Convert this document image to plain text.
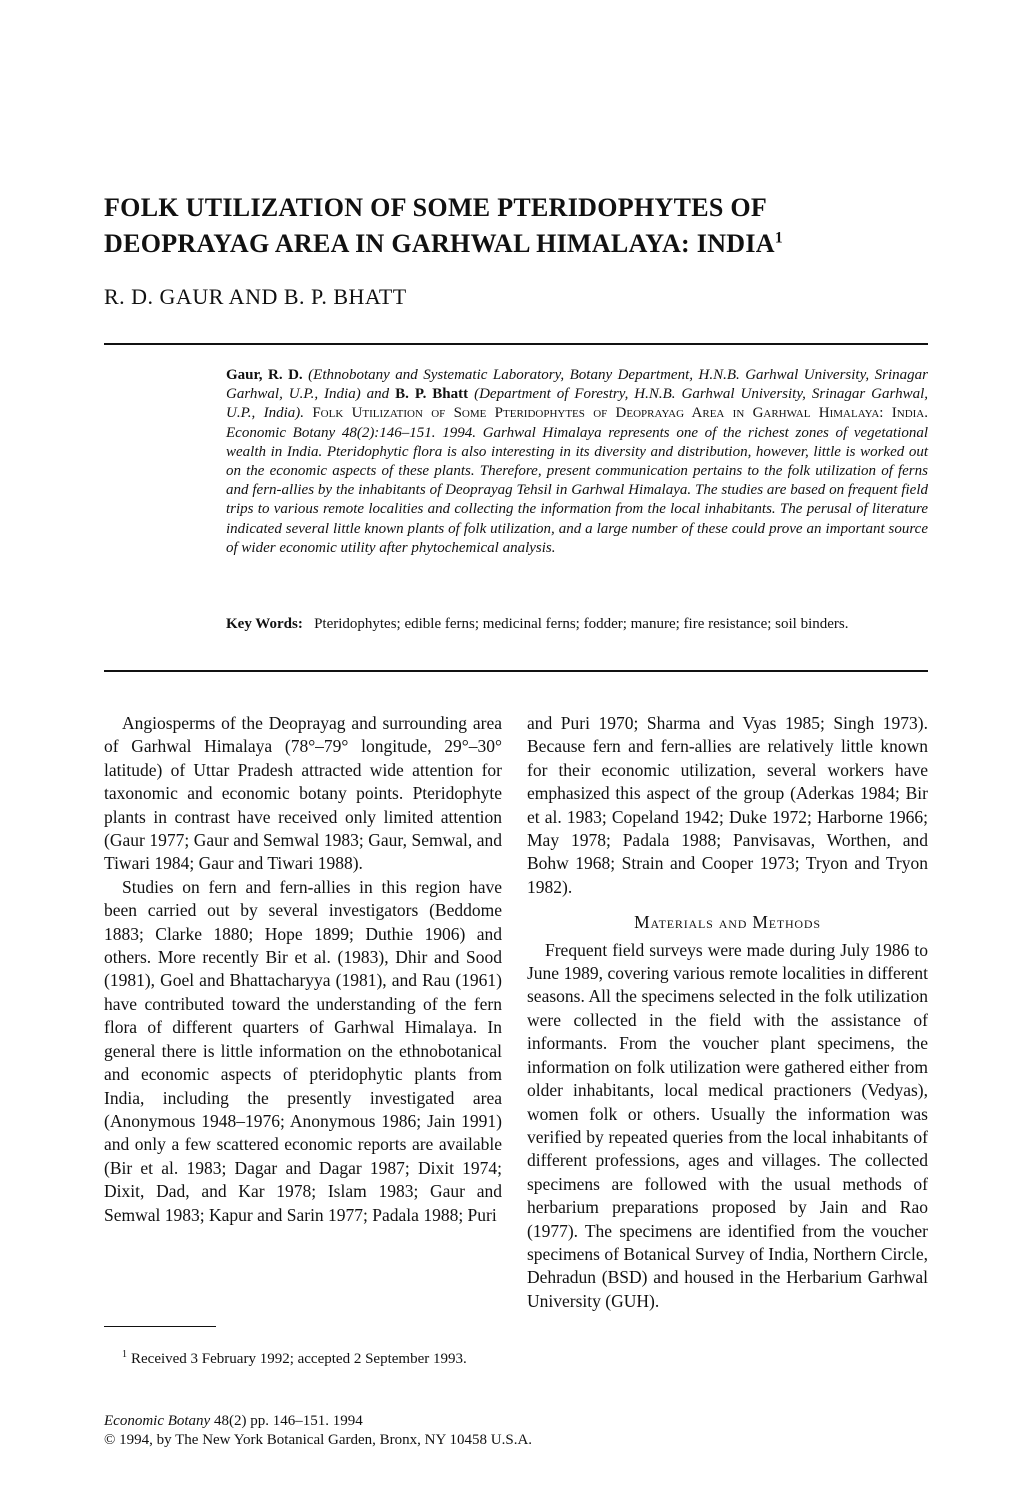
FOLK UTILIZATION OF SOME PTERIDOPHYTES OF
DEOPRAYAG AREA IN GARHWAL HIMALAYA: INDIA$^1$
R. D. GAUR AND B. P. BHATT
Gaur, R. D. (Ethnobotany and Systematic Laboratory, Botany Department, H.N.B. Garhwal University, Srinagar Garhwal, U.P., India) and B. P. Bhatt (Department of Forestry, H.N.B. Garhwal University, Srinagar Garhwal, U.P., India). Folk Utilization of Some Pteridophytes of Deoprayag Area in Garhwal Himalaya: India. Economic Botany 48(2):146–151. 1994. Garhwal Himalaya represents one of the richest zones of vegetational wealth in India. Pteridophytic flora is also interesting in its diversity and distribution, however, little is worked out on the economic aspects of these plants. Therefore, present communication pertains to the folk utilization of ferns and fern-allies by the inhabitants of Deoprayag Tehsil in Garhwal Himalaya. The studies are based on frequent field trips to various remote localities and collecting the information from the local inhabitants. The perusal of literature indicated several little known plants of folk utilization, and a large number of these could prove an important source of wider economic utility after phytochemical analysis.
Key Words: Pteridophytes; edible ferns; medicinal ferns; fodder; manure; fire resistance; soil binders.

Angiosperms of the Deoprayag and surrounding area of Garhwal Himalaya (78°–79° longitude, 29°–30° latitude) of Uttar Pradesh attracted wide attention for taxonomic and economic botany points. Pteridophyte plants in contrast have received only limited attention (Gaur 1977; Gaur and Semwal 1983; Gaur, Semwal, and Tiwari 1984; Gaur and Tiwari 1988).

Studies on fern and fern-allies in this region have been carried out by several investigators (Beddome 1883; Clarke 1880; Hope 1899; Duthie 1906) and others. More recently Bir et al. (1983), Dhir and Sood (1981), Goel and Bhattacharyya (1981), and Rau (1961) have contributed toward the understanding of the fern flora of different quarters of Garhwal Himalaya. In general there is little information on the ethnobotanical and economic aspects of pteridophytic plants from India, including the presently investigated area (Anonymous 1948–1976; Anonymous 1986; Jain 1991) and only a few scattered economic reports are available (Bir et al. 1983; Dagar and Dagar 1987; Dixit 1974; Dixit, Dad, and Kar 1978; Islam 1983; Gaur and Semwal 1983; Kapur and Sarin 1977; Padala 1988; Puri

and Puri 1970; Sharma and Vyas 1985; Singh 1973). Because fern and fern-allies are relatively little known for their economic utilization, several workers have emphasized this aspect of the group (Aderkas 1984; Bir et al. 1983; Copeland 1942; Duke 1972; Harborne 1966; May 1978; Padala 1988; Panvisavas, Worthen, and Bohw 1968; Strain and Cooper 1973; Tryon and Tryon 1982).

Materials and Methods

Frequent field surveys were made during July 1986 to June 1989, covering various remote localities in different seasons. All the specimens selected in the folk utilization were collected in the field with the assistance of informants. From the voucher plant specimens, the information on folk utilization were gathered either from older inhabitants, local medical practioners (Vedyas), women folk or others. Usually the information was verified by repeated queries from the local inhabitants of different professions, ages and villages. The collected specimens are followed with the usual methods of herbarium preparations proposed by Jain and Rao (1977). The specimens are identified from the voucher specimens of Botanical Survey of India, Northern Circle, Dehradun (BSD) and housed in the Herbarium Garhwal University (GUH).

$^1$ Received 3 February 1992; accepted 2 September 1993.
Economic Botany 48(2) pp. 146–151. 1994
© 1994, by The New York Botanical Garden, Bronx, NY 10458 U.S.A.
